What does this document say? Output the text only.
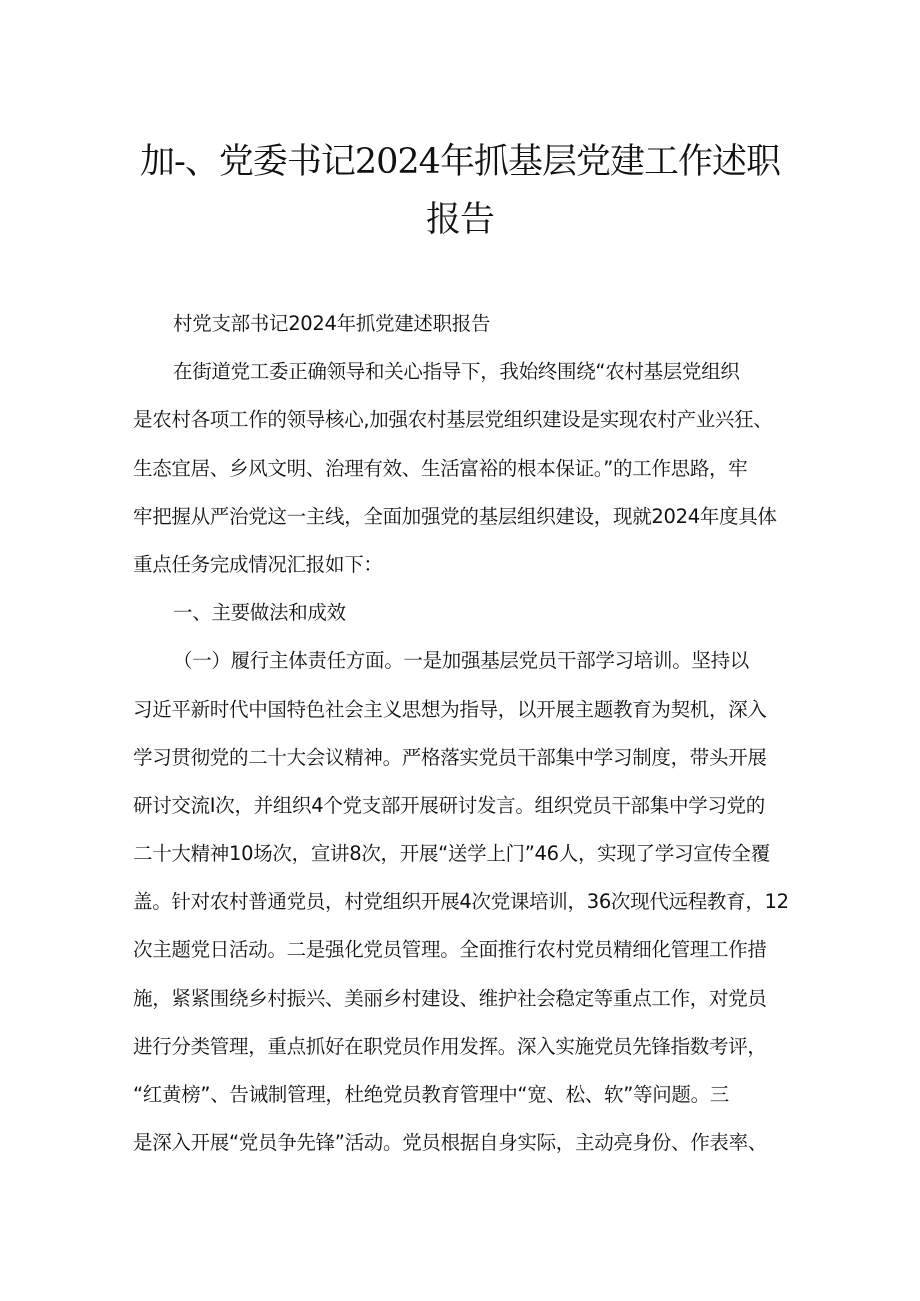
加-、党委书记2024年抓基层党建工作述职
报告
村党支部书记2024年抓党建述职报告
在街道党工委正确领导和关心指导下，我始终围绕“农村基层党组织
是农村各项工作的领导核心,加强农村基层党组织建设是实现农村产业兴狂、
生态宜居、乡风文明、治理有效、生活富裕的根本保证。”的工作思路，牢
牢把握从严治党这一主线，全面加强党的基层组织建设，现就2024年度具体
重点任务完成情况汇报如下：
一、主要做法和成效
（一）履行主体责任方面。一是加强基层党员干部学习培训。坚持以
习近平新时代中国特色社会主义思想为指导，以开展主题教育为契机，深入
学习贯彻党的二十大会议精神。严格落实党员干部集中学习制度，带头开展
研讨交流I次，并组织4个党支部开展研讨发言。组织党员干部集中学习党的
二十大精神10场次，宣讲8次，开展“送学上门”46人，实现了学习宣传全覆
盖。针对农村普通党员，村党组织开展4次党课培训，36次现代远程教育，12
次主题党日活动。二是强化党员管理。全面推行农村党员精细化管理工作措
施，紧紧围绕乡村振兴、美丽乡村建设、维护社会稳定等重点工作，对党员
进行分类管理，重点抓好在职党员作用发挥。深入实施党员先锋指数考评，
“红黄榜”、告诫制管理，杜绝党员教育管理中“宽、松、软”等问题。三
是深入开展“党员争先锋”活动。党员根据自身实际，主动亮身份、作表率、
